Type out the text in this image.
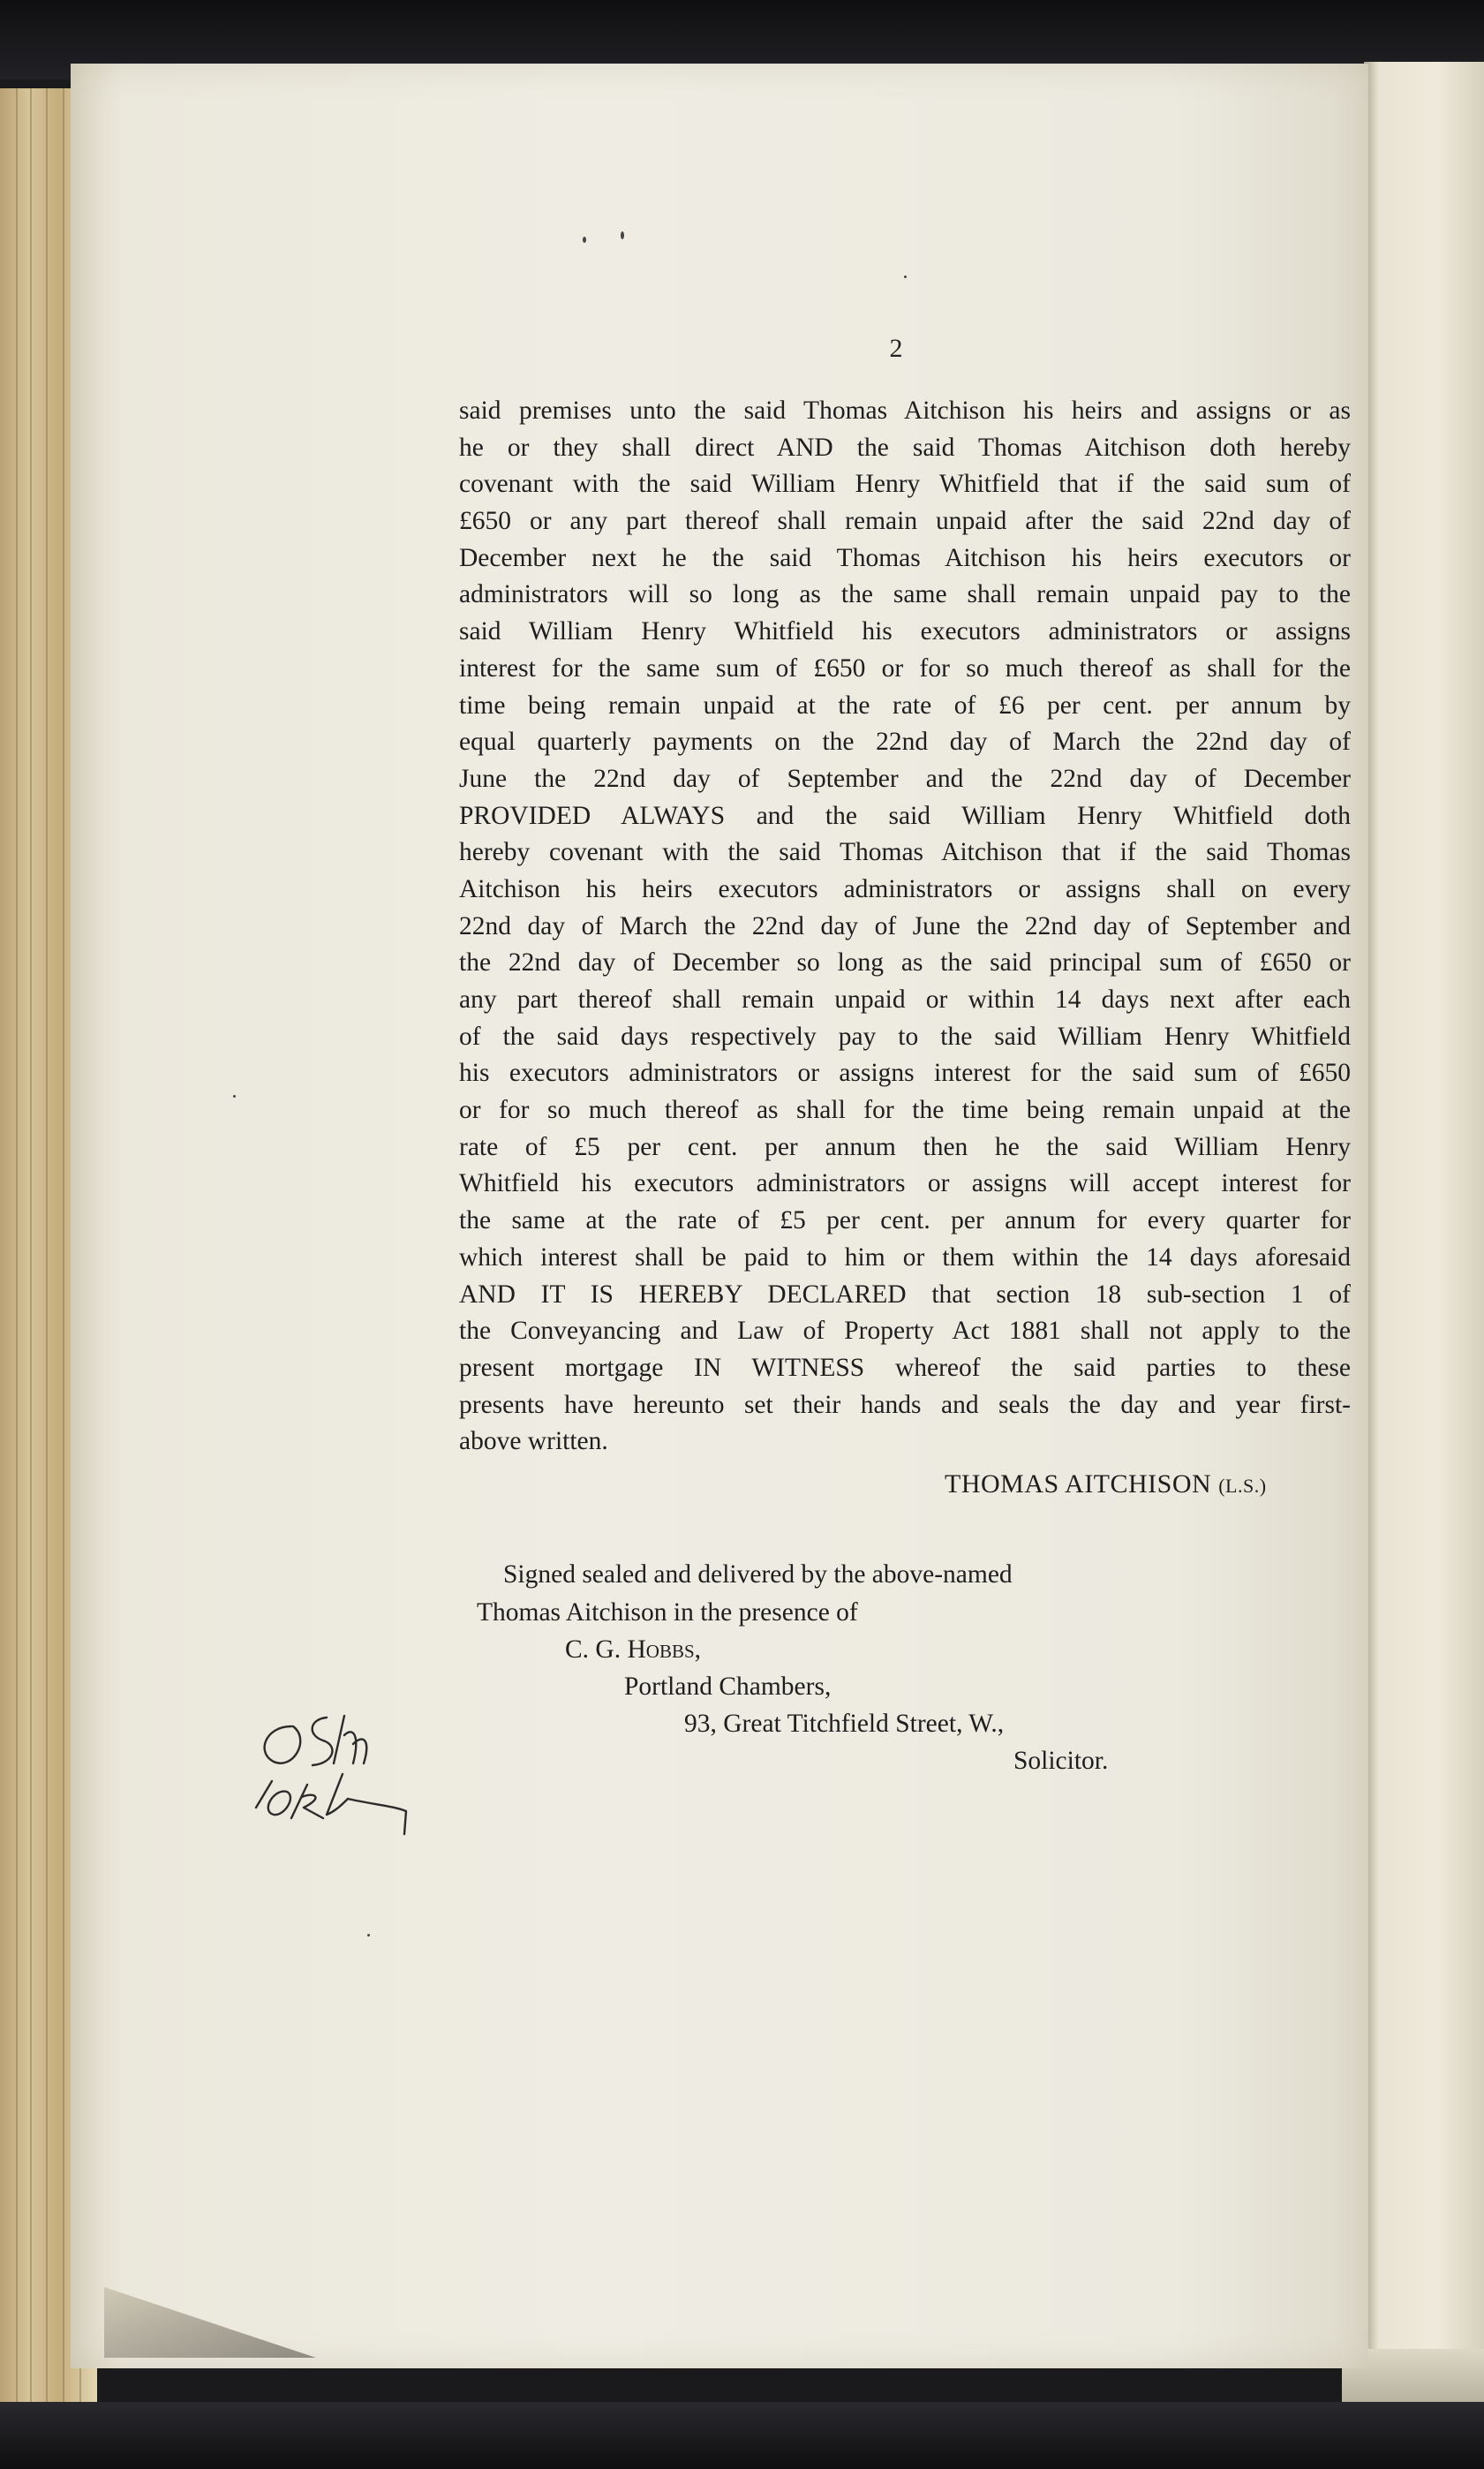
2
said premises unto the said Thomas Aitchison his heirs and assigns or as
he or they shall direct AND the said Thomas Aitchison doth hereby
covenant with the said William Henry Whitfield that if the said sum of
£650 or any part thereof shall remain unpaid after the said 22nd day of
December next he the said Thomas Aitchison his heirs executors or
administrators will so long as the same shall remain unpaid pay to the
said William Henry Whitfield his executors administrators or assigns
interest for the same sum of £650 or for so much thereof as shall for the
time being remain unpaid at the rate of £6 per cent. per annum by
equal quarterly payments on the 22nd day of March the 22nd day of
June the 22nd day of September and the 22nd day of December
PROVIDED ALWAYS and the said William Henry Whitfield doth
hereby covenant with the said Thomas Aitchison that if the said Thomas
Aitchison his heirs executors administrators or assigns shall on every
22nd day of March the 22nd day of June the 22nd day of September and
the 22nd day of December so long as the said principal sum of £650 or
any part thereof shall remain unpaid or within 14 days next after each
of the said days respectively pay to the said William Henry Whitfield
his executors administrators or assigns interest for the said sum of £650
or for so much thereof as shall for the time being remain unpaid at the
rate of £5 per cent. per annum then he the said William Henry
Whitfield his executors administrators or assigns will accept interest for
the same at the rate of £5 per cent. per annum for every quarter for
which interest shall be paid to him or them within the 14 days aforesaid
AND IT IS HEREBY DECLARED that section 18 sub-section 1 of
the Conveyancing and Law of Property Act 1881 shall not apply to the
present mortgage IN WITNESS whereof the said parties to these
presents have hereunto set their hands and seals the day and year first-
above written.
THOMAS AITCHISON (L.S.)
Signed sealed and delivered by the above-named
Thomas Aitchison in the presence of
C. G. Hobbs,
Portland Chambers,
93, Great Titchfield Street, W.,
Solicitor.
